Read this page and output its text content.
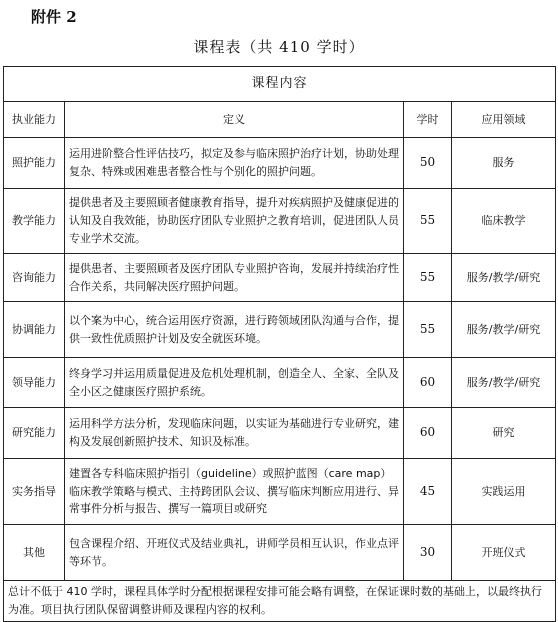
附件 2
课程表（共 410 学时）
课程内容			
执业能力	定义	学时	应用领域
照护能力	运用进阶整合性评估技巧，拟定及参与临床照护治疗计划，协助处理复杂、特殊或困难患者整合性与个别化的照护问题。	50	服务
教学能力	提供患者及主要照顾者健康教育指导，提升对疾病照护及健康促进的认知及自我效能，协助医疗团队专业照护之教育培训，促进团队人员专业学术交流。	55	临床教学
咨询能力	提供患者、主要照顾者及医疗团队专业照护咨询，发展并持续治疗性合作关系，共同解决医疗照护问题。	55	服务/教学/研究
协调能力	以个案为中心，统合运用医疗资源，进行跨领域团队沟通与合作，提供一致性优质照护计划及安全就医环境。	55	服务/教学/研究
领导能力	终身学习并运用质量促进及危机处理机制，创造全人、全家、全队及全小区之健康医疗照护系统。	60	服务/教学/研究
研究能力	运用科学方法分析，发现临床问题，以实证为基础进行专业研究，建构及发展创新照护技术、知识及标准。	60	研究
实务指导	建置各专科临床照护指引（guideline）或照护蓝图（care map）临床教学策略与模式、主持跨团队会议、撰写临床判断应用进行、异常事件分析与报告、撰写一篇项目或研究	45	实践运用
其他	包含课程介绍、开班仪式及结业典礼，讲师学员相互认识，作业点评等环节。	30	开班仪式
总计不低于 410 学时，课程具体学时分配根据课程安排可能会略有调整，在保证课时数的基础上，以最终执行为准。项目执行团队保留调整讲师及课程内容的权利。			
